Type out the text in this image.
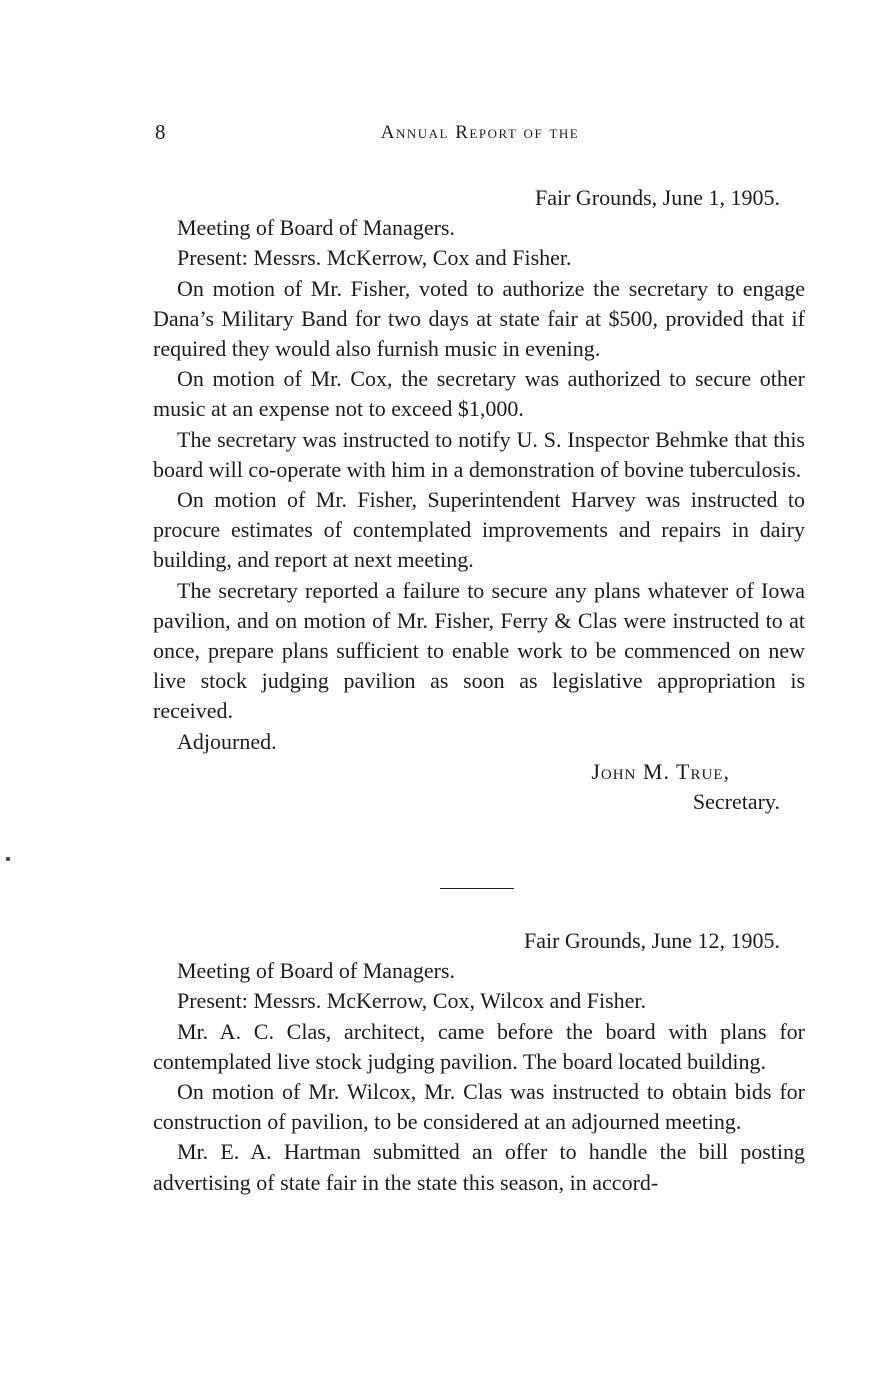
8	Annual Report of the

Fair Grounds, June 1, 1905.

Meeting of Board of Managers.

Present: Messrs. McKerrow, Cox and Fisher.

On motion of Mr. Fisher, voted to authorize the secretary to engage Dana’s Military Band for two days at state fair at $500, provided that if required they would also furnish music in evening.

On motion of Mr. Cox, the secretary was authorized to secure other music at an expense not to exceed $1,000.

The secretary was instructed to notify U. S. Inspector Behmke that this board will co-operate with him in a demonstration of bovine tuberculosis.

On motion of Mr. Fisher, Superintendent Harvey was instructed to procure estimates of contemplated improvements and repairs in dairy building, and report at next meeting.

The secretary reported a failure to secure any plans whatever of Iowa pavilion, and on motion of Mr. Fisher, Ferry & Clas were instructed to at once, prepare plans sufficient to enable work to be commenced on new live stock judging pavilion as soon as legislative appropriation is received.

Adjourned.

John M. True,
Secretary.

Fair Grounds, June 12, 1905.

Meeting of Board of Managers.

Present: Messrs. McKerrow, Cox, Wilcox and Fisher.

Mr. A. C. Clas, architect, came before the board with plans for contemplated live stock judging pavilion. The board located building.

On motion of Mr. Wilcox, Mr. Clas was instructed to obtain bids for construction of pavilion, to be considered at an adjourned meeting.

Mr. E. A. Hartman submitted an offer to handle the bill posting advertising of state fair in the state this season, in accord-
